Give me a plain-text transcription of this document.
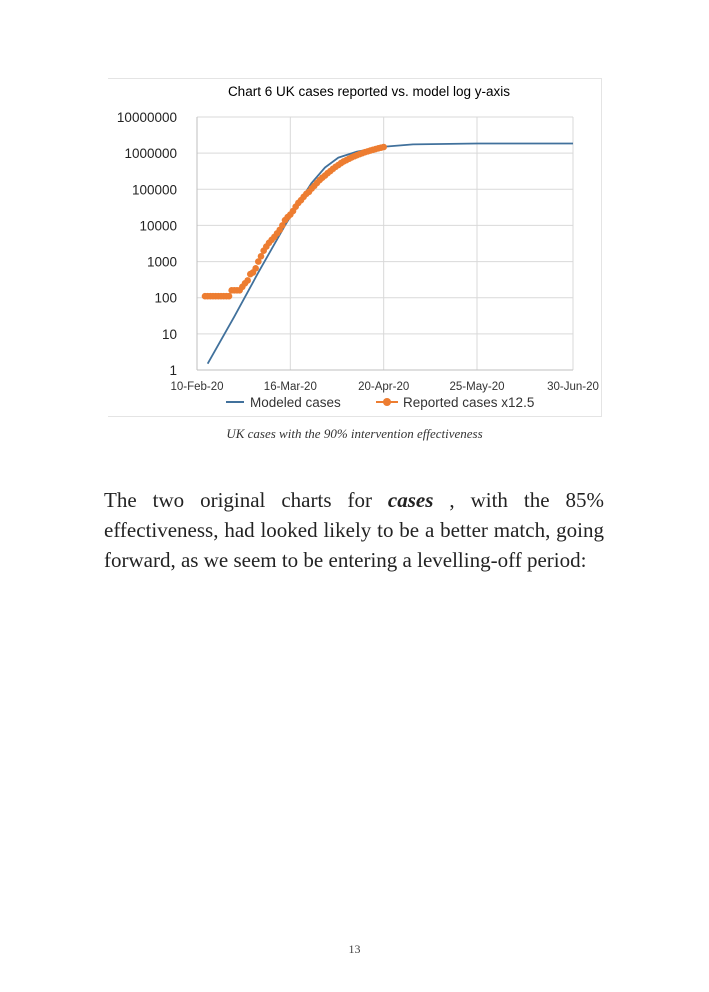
Chart 6 UK cases reported vs. model log y-axis
1
10
100
1000
10000
100000
1000000
10000000
10-Feb-20	16-Mar-20	20-Apr-20	25-May-20	30-Jun-20
Modeled cases	Reported cases x12.5
UK cases with the 90% intervention effectiveness
The two original charts for cases , with the 85% effectiveness, had looked likely to be a better match, going forward, as we seem to be entering a levelling-off period:
13
